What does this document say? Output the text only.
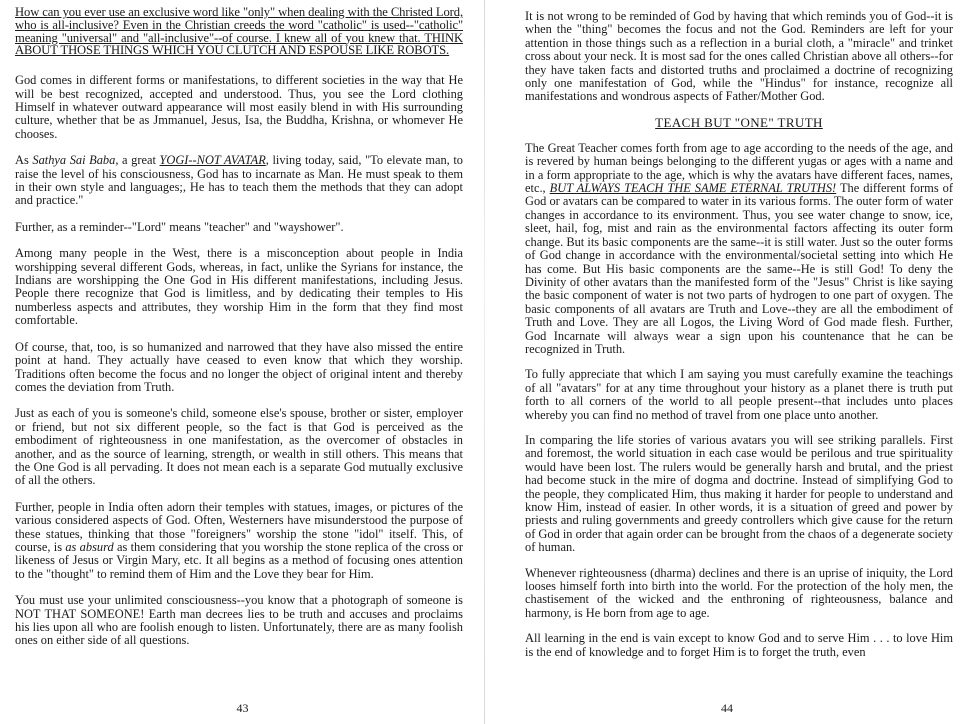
How can you ever use an exclusive word like "only" when dealing with the Christed Lord, who is all-inclusive? Even in the Christian creeds the word "catholic" is used--"catholic" meaning "universal" and "all-inclusive"--of course. I knew all of you knew that. THINK ABOUT THOSE THINGS WHICH YOU CLUTCH AND ESPOUSE LIKE ROBOTS.

God comes in different forms or manifestations, to different societies in the way that He will be best recognized, accepted and understood. Thus, you see the Lord clothing Himself in whatever outward appearance will most easily blend in with His surrounding culture, whether that be as Jmmanuel, Jesus, Isa, the Buddha, Krishna, or whomever He chooses.

As Sathya Sai Baba, a great YOGI--NOT AVATAR, living today, said, "To elevate man, to raise the level of his consciousness, God has to incarnate as Man. He must speak to them in their own style and languages;, He has to teach them the methods that they can adopt and practice."

Further, as a reminder--"Lord" means "teacher" and "wayshower".

Among many people in the West, there is a misconception about people in India worshipping several different Gods, whereas, in fact, unlike the Syrians for instance, the Indians are worshipping the One God in His different manifestations, including Jesus. People there recognize that God is limitless, and by dedicating their temples to His numberless aspects and attributes, they worship Him in the form that they find most comfortable.

Of course, that, too, is so humanized and narrowed that they have also missed the entire point at hand. They actually have ceased to even know that which they worship. Traditions often become the focus and no longer the object of original intent and thereby comes the deviation from Truth.

Just as each of you is someone's child, someone else's spouse, brother or sister, employer or friend, but not six different people, so the fact is that God is perceived as the embodiment of righteousness in one manifestation, as the overcomer of obstacles in another, and as the source of learning, strength, or wealth in still others. This means that the One God is all pervading. It does not mean each is a separate God mutually exclusive of all the others.

Further, people in India often adorn their temples with statues, images, or pictures of the various considered aspects of God. Often, Westerners have misunderstood the purpose of these statues, thinking that those "foreigners" worship the stone "idol" itself. This, of course, is as absurd as them considering that you worship the stone replica of the cross or likeness of Jesus or Virgin Mary, etc. It all begins as a method of focusing ones attention to the "thought" to remind them of Him and the Love they bear for Him.

You must use your unlimited consciousness--you know that a photograph of someone is NOT THAT SOMEONE! Earth man decrees lies to be truth and accuses and proclaims his lies upon all who are foolish enough to listen. Unfortunately, there are as many foolish ones on either side of all questions.

43

It is not wrong to be reminded of God by having that which reminds you of God--it is when the "thing" becomes the focus and not the God. Reminders are left for your attention in those things such as a reflection in a burial cloth, a "miracle" and trinket cross about your neck. It is most sad for the ones called Christian above all others--for they have taken facts and distorted truths and proclaimed a doctrine of recognizing only one manifestation of God, while the "Hindus" for instance, recognize all manifestations and wondrous aspects of Father/Mother God.

TEACH BUT "ONE" TRUTH

The Great Teacher comes forth from age to age according to the needs of the age, and is revered by human beings belonging to the different yugas or ages with a name and in a form appropriate to the age, which is why the avatars have different faces, names, etc., BUT ALWAYS TEACH THE SAME ETERNAL TRUTHS! The different forms of God or avatars can be compared to water in its various forms. The outer form of water changes in accordance to its environment. Thus, you see water change to snow, ice, sleet, hail, fog, mist and rain as the environmental factors affecting its outer form change. But its basic components are the same--it is still water. Just so the outer forms of God change in accordance with the environmental/societal setting into which He has come. But His basic components are the same--He is still God! To deny the Divinity of other avatars than the manifested form of the "Jesus" Christ is like saying the basic component of water is not two parts of hydrogen to one part of oxygen. The basic components of all avatars are Truth and Love--they are all the embodiment of Truth and Love. They are all Logos, the Living Word of God made flesh. Further, God Incarnate will always wear a sign upon his countenance that he can be recognized in Truth.

To fully appreciate that which I am saying you must carefully examine the teachings of all "avatars" for at any time throughout your history as a planet there is truth put forth to all corners of the world to all people present--that includes unto places whereby you can find no method of travel from one place unto another.

In comparing the life stories of various avatars you will see striking parallels. First and foremost, the world situation in each case would be perilous and true spirituality would have been lost. The rulers would be generally harsh and brutal, and the priest had become stuck in the mire of dogma and doctrine. Instead of simplifying God to the people, they complicated Him, thus making it harder for people to understand and know Him, instead of easier. In other words, it is a situation of greed and power by priests and ruling governments and greedy controllers which give cause for the return of God in order that again order can be brought from the chaos of a degenerate society of human.

Whenever righteousness (dharma) declines and there is an uprise of iniquity, the Lord looses himself forth into birth into the world. For the protection of the holy men, the chastisement of the wicked and the enthroning of righteousness, balance and harmony, is He born from age to age.

All learning in the end is vain except to know God and to serve Him . . . to love Him is the end of knowledge and to forget Him is to forget the truth, even

44
